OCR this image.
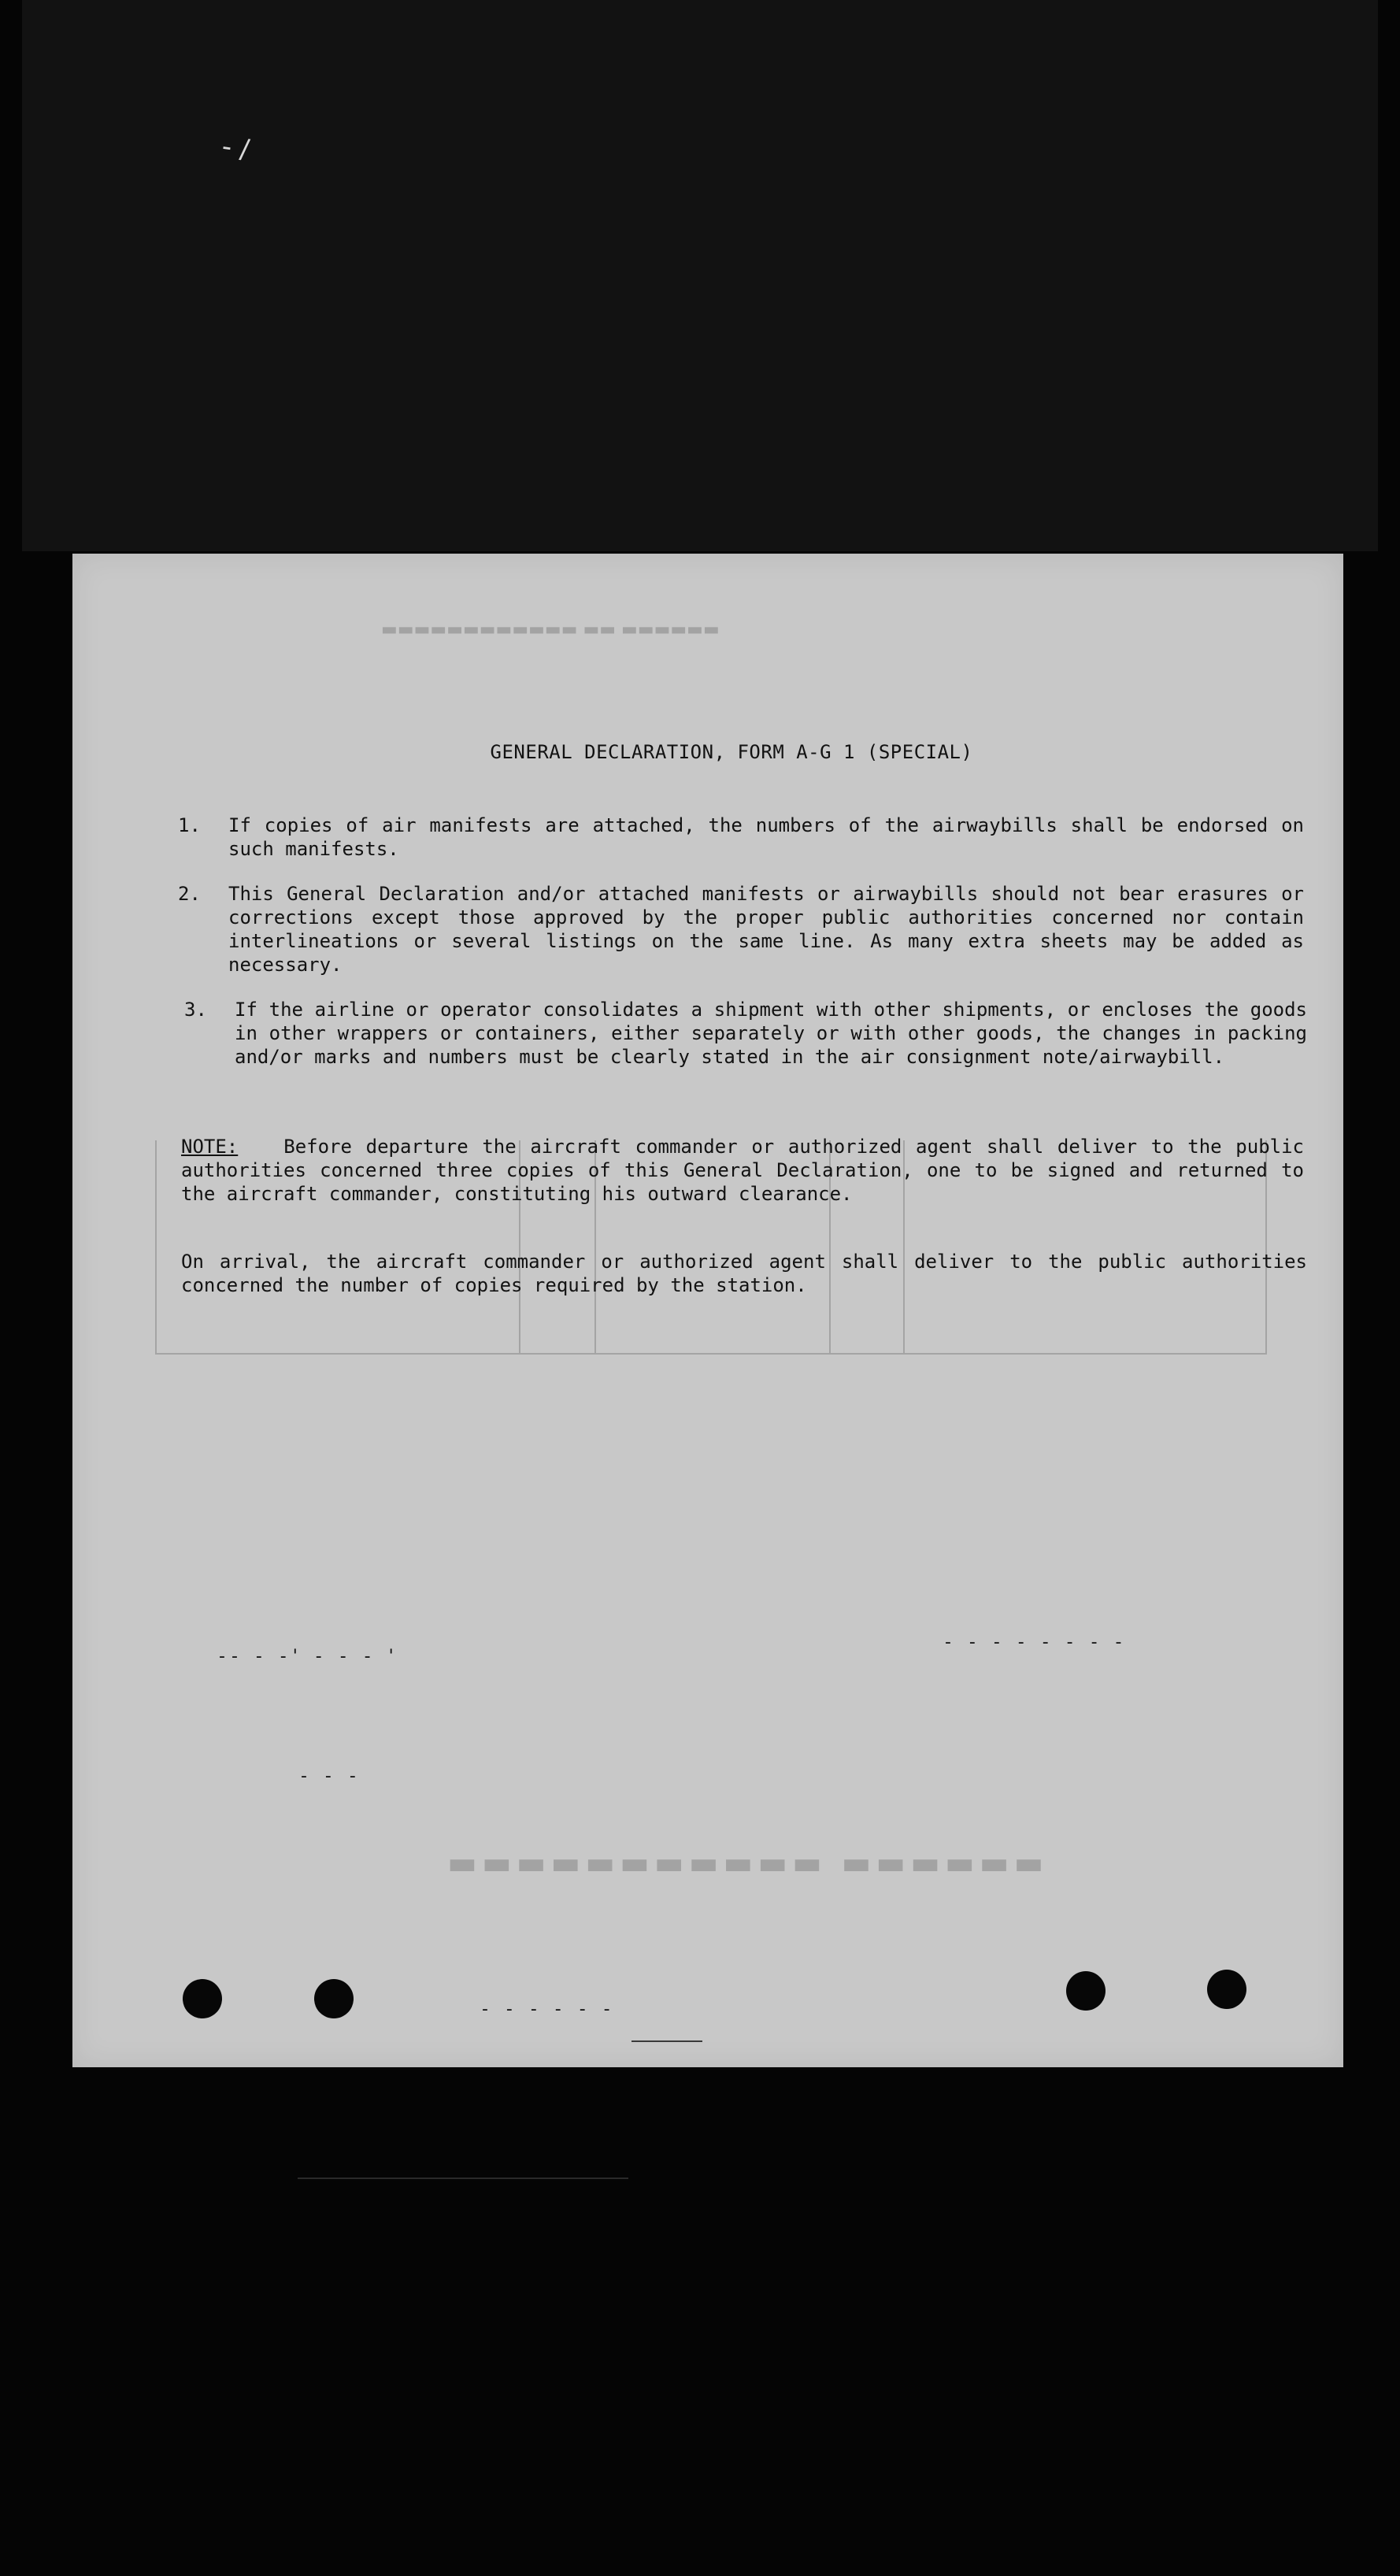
- /
▬▬▬▬▬▬ ▬▬ ▬▬▬▬▬▬▬▬▬▬▬▬
▬▬▬▬▬▬ ▬▬▬▬▬▬▬▬▬▬▬
GENERAL DECLARATION, FORM A-G 1 (SPECIAL)
1.	If copies of air manifests are attached, the numbers of the airwaybills shall be endorsed on such manifests.
2.	This General Declaration and/or attached manifests or airwaybills should not bear erasures or corrections except those approved by the proper public authorities concerned nor contain interlineations or several listings on the same line. As many extra sheets may be added as necessary.
3.	If the airline or operator consolidates a shipment with other shipments, or encloses the goods in other wrappers or containers, either separately or with other goods, the changes in packing and/or marks and numbers must be clearly stated in the air consignment note/airwaybill.
NOTE: Before departure the aircraft commander or authorized agent shall deliver to the public authorities concerned three copies of this General Declaration, one to be signed and returned to the aircraft commander, constituting his outward clearance.
On arrival, the aircraft commander or authorized agent shall deliver to the public authorities concerned the number of copies required by the station.
-- - -' - - - '
- - - - - - - -
- - -
- - - - - -
